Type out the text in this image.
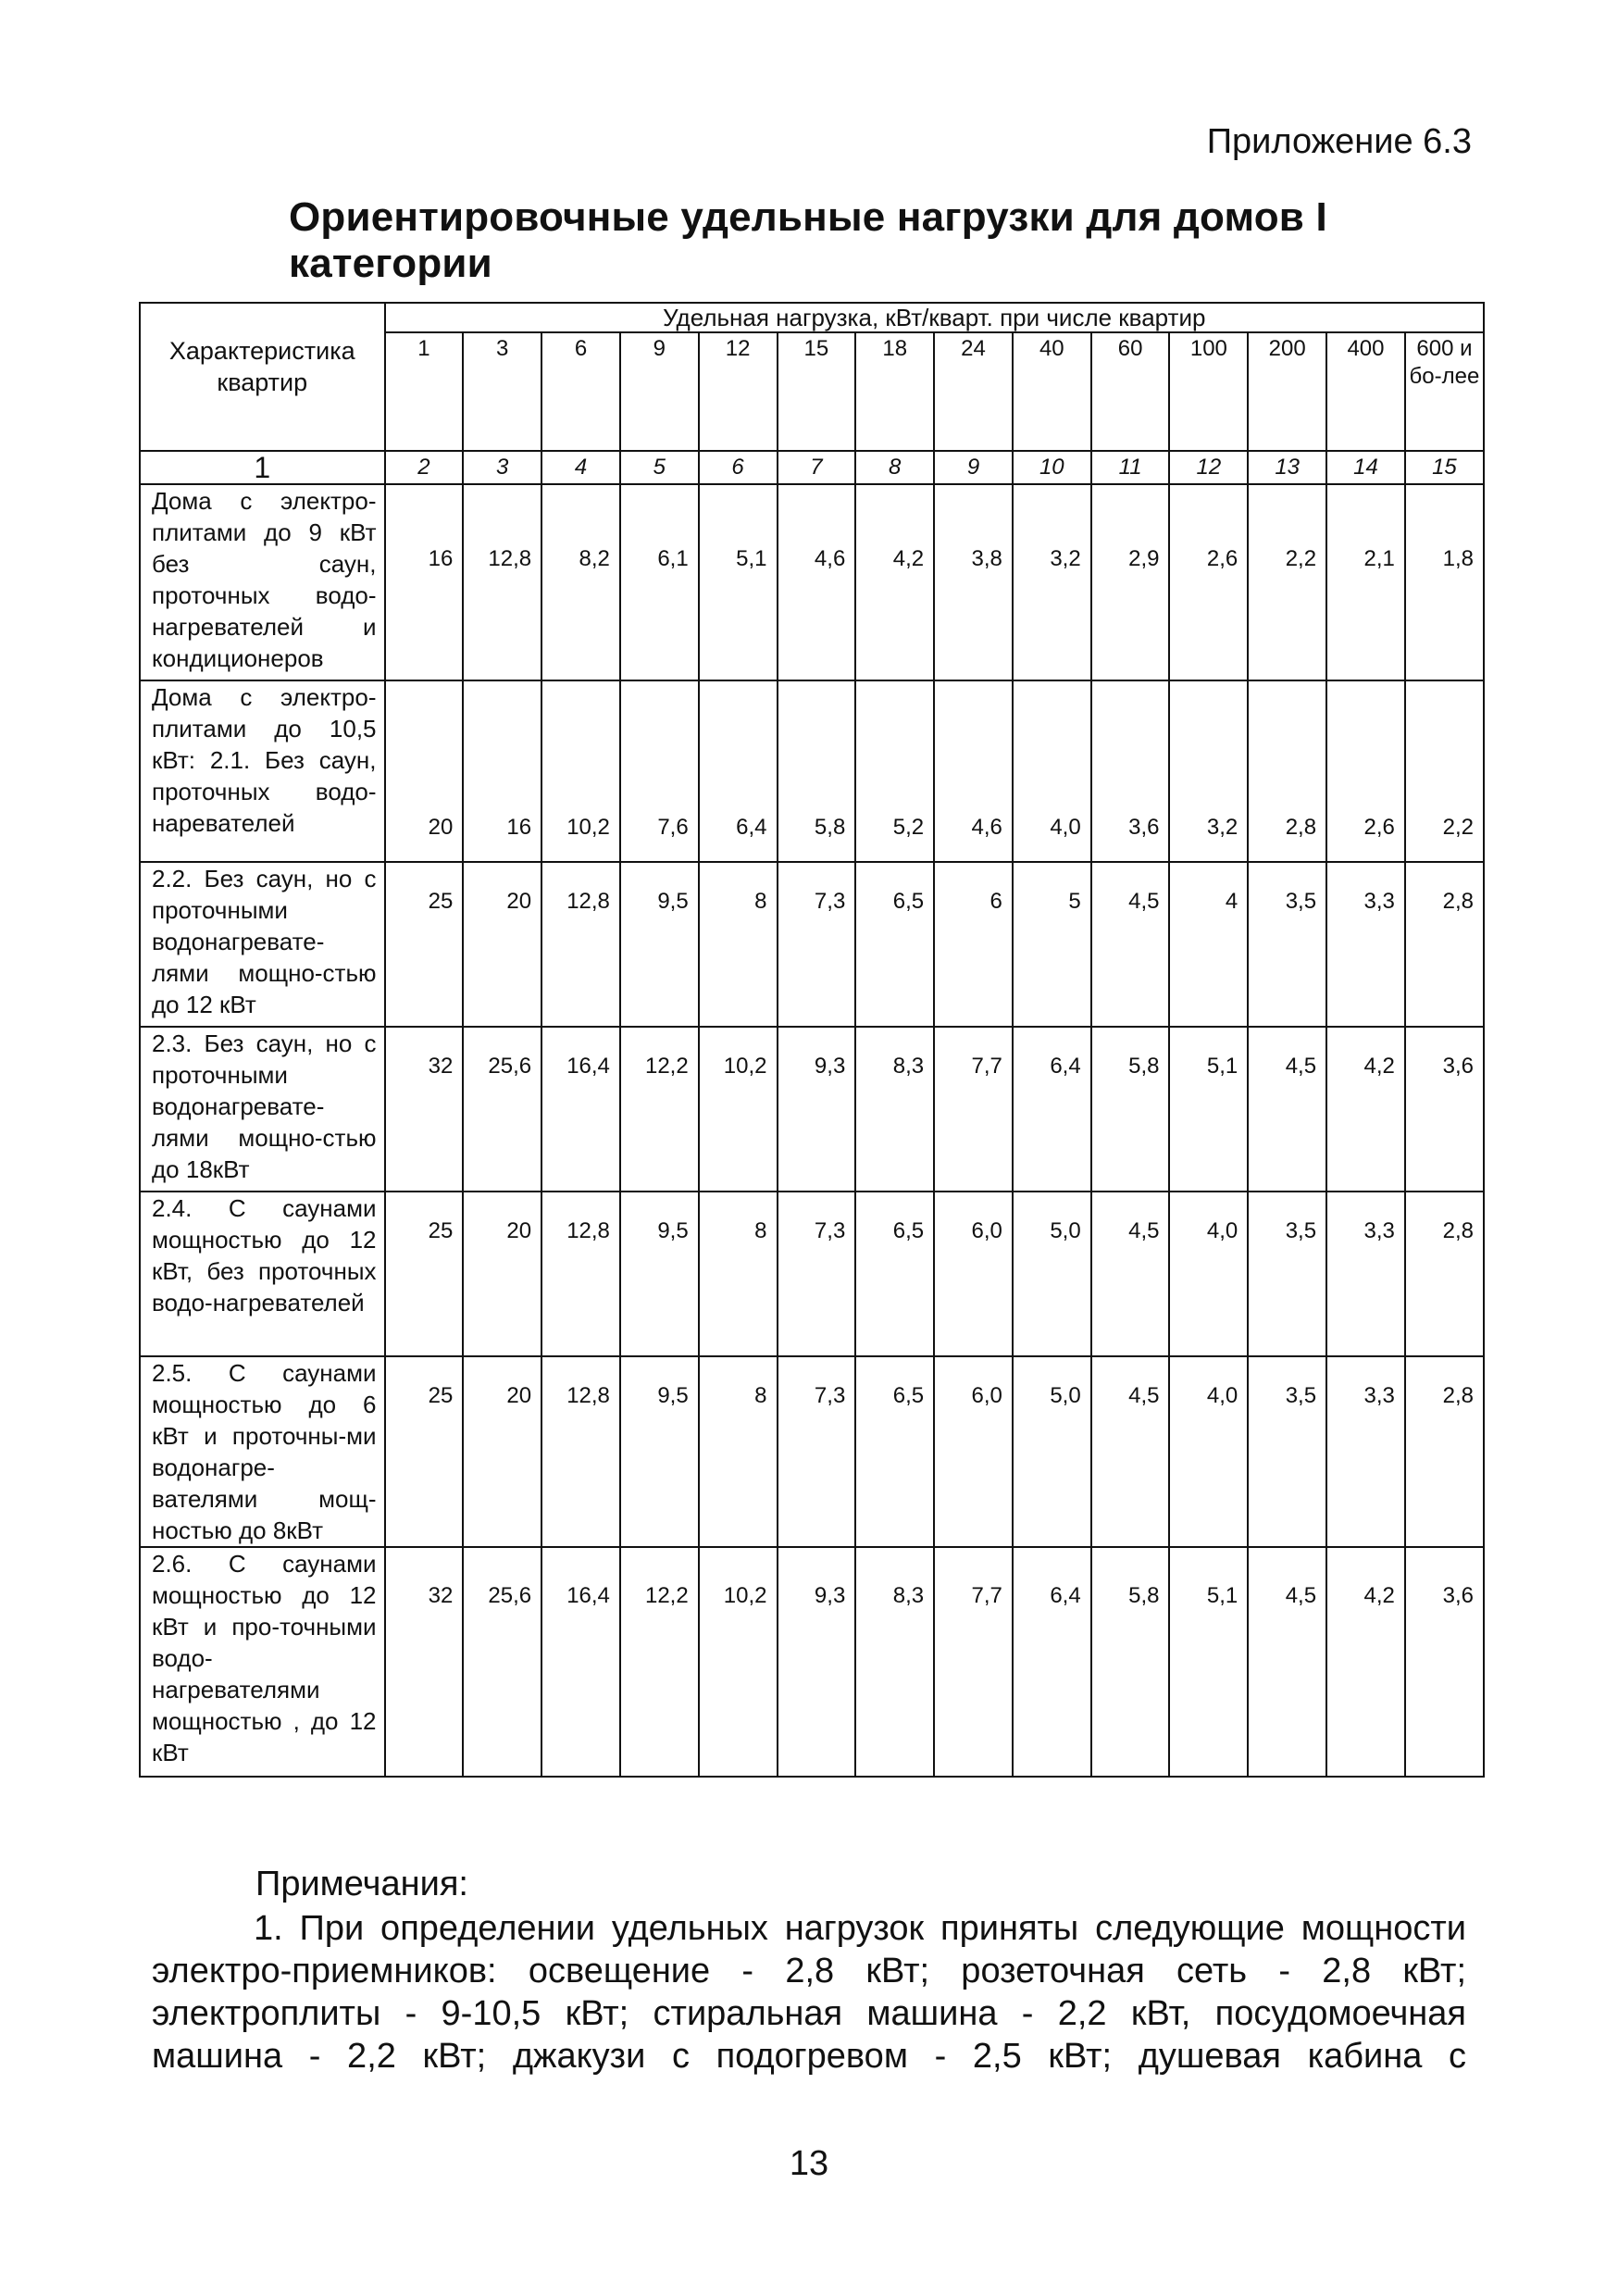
Приложение 6.3
Ориентировочные удельные нагрузки для домов I категории
Характеристика квартир	Удельная нагрузка, кВт/кварт. при числе квартир													
	1	3	6	9	12	15	18	24	40	60	100	200	400	600 и бо-лее
1	2	3	4	5	6	7	8	9	10	11	12	13	14	15
Дома с электро-плитами до 9 кВт без саун, проточных водо-нагревателей и кондиционеров	16	12,8	8,2	6,1	5,1	4,6	4,2	3,8	3,2	2,9	2,6	2,2	2,1	1,8
Дома с электро-плитами до 10,5 кВт: 2.1. Без саун, проточных водо-наревателей	20	16	10,2	7,6	6,4	5,8	5,2	4,6	4,0	3,6	3,2	2,8	2,6	2,2
2.2. Без саун, но с проточными водонагревате-лями мощно-стью до 12 кВт	25	20	12,8	9,5	8	7,3	6,5	6	5	4,5	4	3,5	3,3	2,8
2.3. Без саун, но с проточными водонагревате-лями мощно-стью до 18кВт	32	25,6	16,4	12,2	10,2	9,3	8,3	7,7	6,4	5,8	5,1	4,5	4,2	3,6
2.4. С саунами мощностью до 12 кВт, без проточных водо-нагревателей	25	20	12,8	9,5	8	7,3	6,5	6,0	5,0	4,5	4,0	3,5	3,3	2,8
2.5. С саунами мощностью до 6 кВт и проточны-ми водонагре-вателями мощ-ностью до 8кВт	25	20	12,8	9,5	8	7,3	6,5	6,0	5,0	4,5	4,0	3,5	3,3	2,8
2.6. С саунами мощностью до 12 кВт и про-точными водо-нагревателями мощностью , до 12 кВт	32	25,6	16,4	12,2	10,2	9,3	8,3	7,7	6,4	5,8	5,1	4,5	4,2	3,6
Примечания:

1. При определении удельных нагрузок приняты следующие мощности электро-приемников: освещение - 2,8 кВт; розеточная сеть - 2,8 кВт; электроплиты - 9-10,5 кВт; стиральная машина - 2,2 кВт, посудомоечная машина - 2,2 кВт; джакузи с подогревом - 2,5 кВт; душевая кабина с

13
